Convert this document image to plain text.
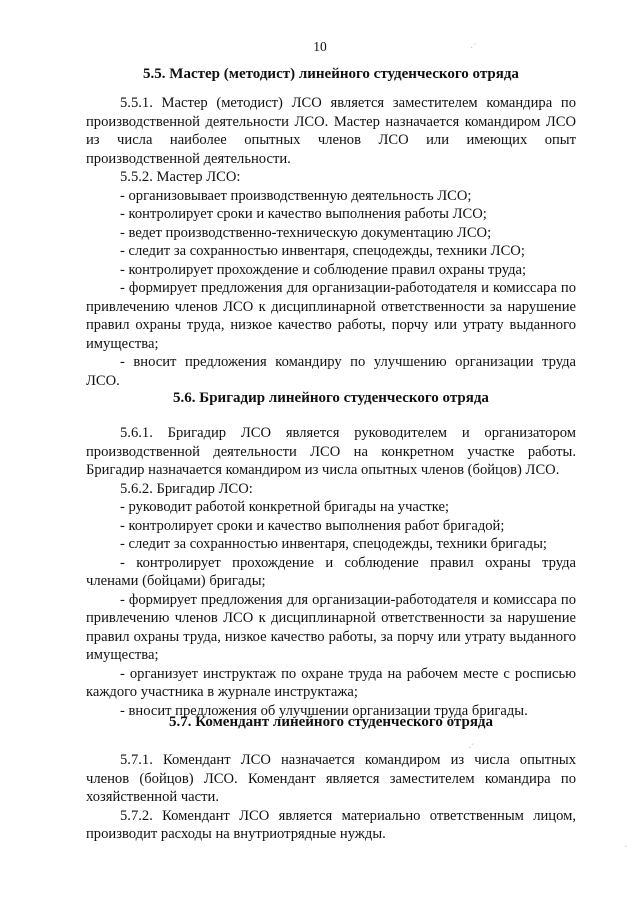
10	·ˊ
·ˊ
ˊ
5.5. Мастер (методист) линейного студенческого отряда

5.5.1. Мастер (методист) ЛСО является заместителем командира по производственной деятельности ЛСО. Мастер назначается командиром ЛСО из числа наиболее опытных членов ЛСО или имеющих опыт производственной деятельности.

5.5.2. Мастер ЛСО:

- организовывает производственную деятельность ЛСО;

- контролирует сроки и качество выполнения работы ЛСО;

- ведет производственно-техническую документацию ЛСО;

- следит за сохранностью инвентаря, спецодежды, техники ЛСО;

- контролирует прохождение и соблюдение правил охраны труда;

- формирует предложения для организации-работодателя и комиссара по привлечению членов ЛСО к дисциплинарной ответственности за нарушение правил охраны труда, низкое качество работы, порчу или утрату выданного имущества;

- вносит предложения командиру по улучшению организации труда ЛСО.

5.6. Бригадир линейного студенческого отряда

5.6.1. Бригадир ЛСО является руководителем и организатором производственной деятельности ЛСО на конкретном участке работы. Бригадир назначается командиром из числа опытных членов (бойцов) ЛСО.

5.6.2. Бригадир ЛСО:

- руководит работой конкретной бригады на участке;

- контролирует сроки и качество выполнения работ бригадой;

- следит за сохранностью инвентаря, спецодежды, техники бригады;

- контролирует прохождение и соблюдение правил охраны труда членами (бойцами) бригады;

- формирует предложения для организации-работодателя и комиссара по привлечению членов ЛСО к дисциплинарной ответственности за нарушение правил охраны труда, низкое качество работы, за порчу или утрату выданного имущества;

- организует инструктаж по охране труда на рабочем месте с росписью каждого участника в журнале инструктажа;

- вносит предложения об улучшении организации труда бригады.

5.7. Комендант линейного студенческого отряда

5.7.1. Комендант ЛСО назначается командиром из числа опытных членов (бойцов) ЛСО. Комендант является заместителем командира по хозяйственной части.

5.7.2. Комендант ЛСО является материально ответственным лицом, производит расходы на внутриотрядные нужды.
